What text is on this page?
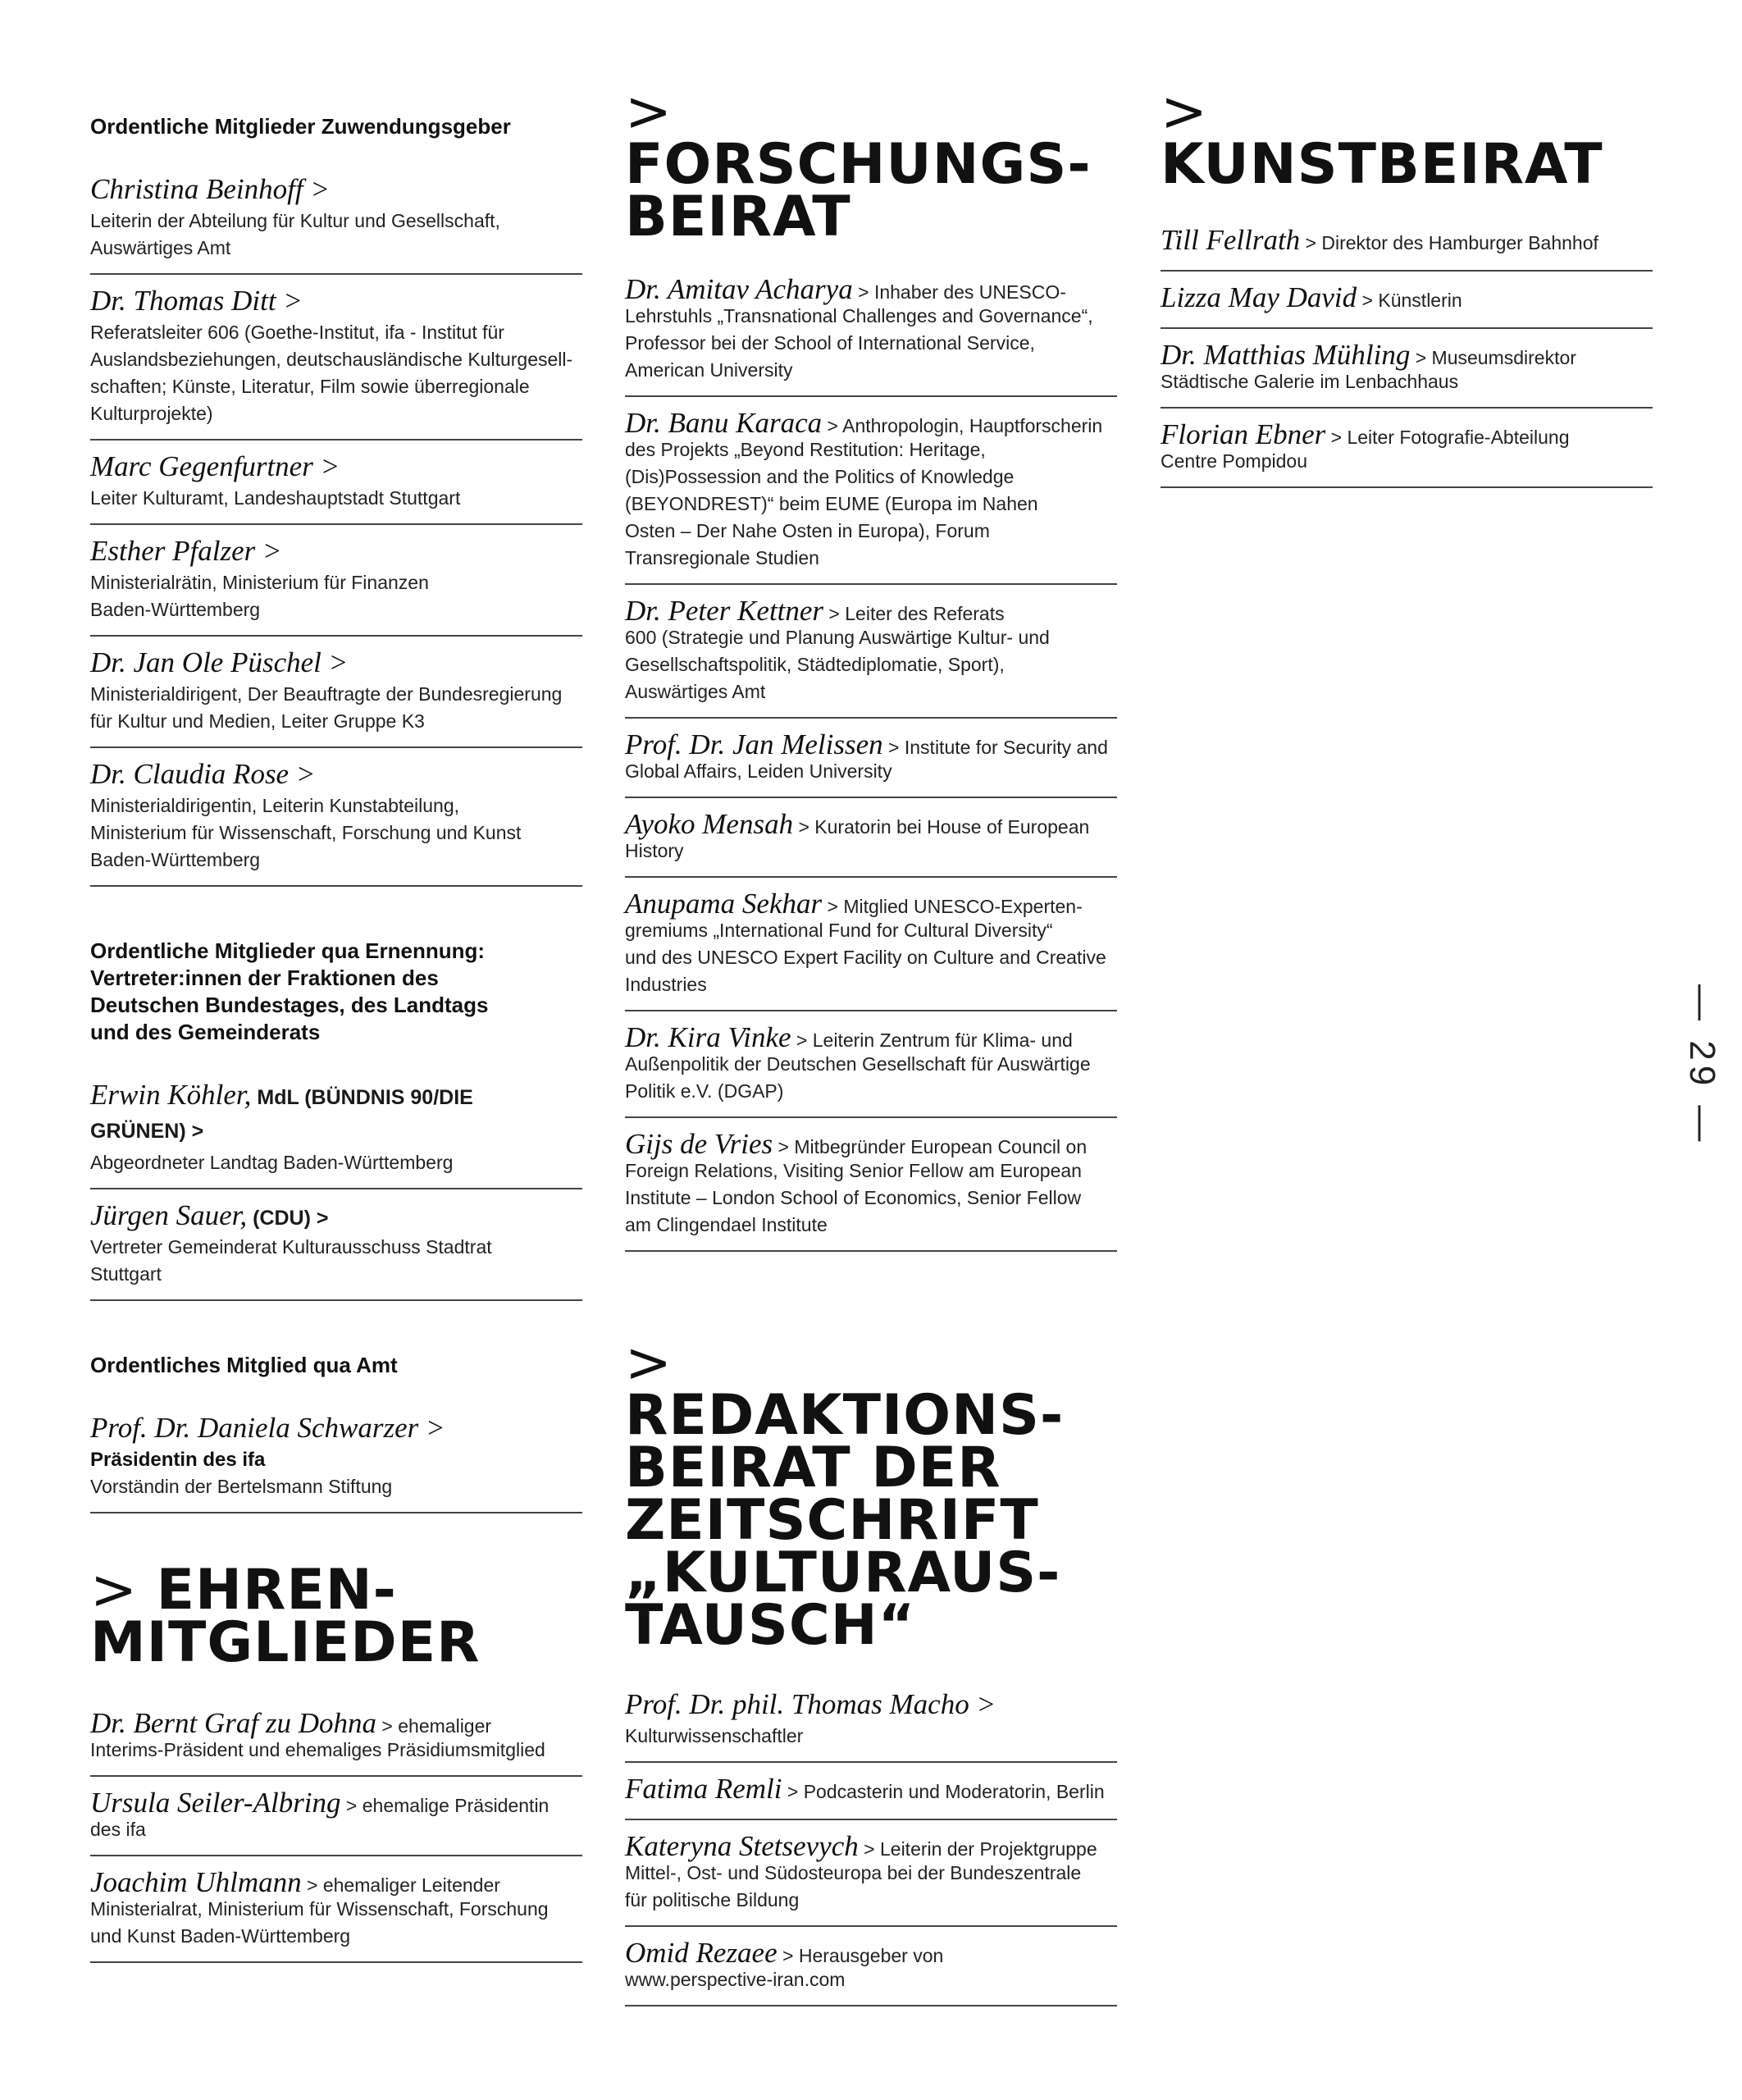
Ordentliche Mitglieder Zuwendungsgeber
Christina Beinhoff >
Leiterin der Abteilung für Kultur und Gesellschaft,
Auswärtiges Amt
Dr. Thomas Ditt >
Referatsleiter 606 (Goethe-Institut, ifa - Institut für
Auslandsbeziehungen, deutschausländische Kulturgesell-
schaften; Künste, Literatur, Film sowie überregionale
Kulturprojekte)
Marc Gegenfurtner >
Leiter Kulturamt, Landeshauptstadt Stuttgart
Esther Pfalzer >
Ministerialrätin, Ministerium für Finanzen
Baden-Württemberg
Dr. Jan Ole Püschel >
Ministerialdirigent, Der Beauftragte der Bundesregierung
für Kultur und Medien, Leiter Gruppe K3
Dr. Claudia Rose >
Ministerialdirigentin, Leiterin Kunstabteilung,
Ministerium für Wissenschaft, Forschung und Kunst
Baden-Württemberg
Ordentliche Mitglieder qua Ernennung:
Vertreter:innen der Fraktionen des
Deutschen Bundestages, des Landtags
und des Gemeinderats
Erwin Köhler, MdL (BÜNDNIS 90/DIE
GRÜNEN) >
Abgeordneter Landtag Baden-Württemberg
Jürgen Sauer, (CDU) >
Vertreter Gemeinderat Kulturausschuss Stadtrat
Stuttgart
Ordentliches Mitglied qua Amt
Prof. Dr. Daniela Schwarzer >
Präsidentin des ifa
Vorständin der Bertelsmann Stiftung
> EHREN-
MITGLIEDER
Dr. Bernt Graf zu Dohna > ehemaliger
Interims-Präsident und ehemaliges Präsidiumsmitglied
Ursula Seiler-Albring > ehemalige Präsidentin
des ifa
Joachim Uhlmann > ehemaliger Leitender
Ministerialrat, Ministerium für Wissenschaft, Forschung
und Kunst Baden-Württemberg
> FORSCHUNGS-
BEIRAT
Dr. Amitav Acharya > Inhaber des UNESCO-
Lehrstuhls „Transnational Challenges and Governance“,
Professor bei der School of International Service,
American University
Dr. Banu Karaca > Anthropologin, Hauptforscherin
des Projekts „Beyond Restitution: Heritage,
(Dis)Possession and the Politics of Knowledge
(BEYONDREST)“ beim EUME (Europa im Nahen
Osten – Der Nahe Osten in Europa), Forum
Transregionale Studien
Dr. Peter Kettner > Leiter des Referats
600 (Strategie und Planung Auswärtige Kultur- und
Gesellschaftspolitik, Städtediplomatie, Sport),
Auswärtiges Amt
Prof. Dr. Jan Melissen > Institute for Security and
Global Affairs, Leiden University
Ayoko Mensah > Kuratorin bei House of European
History
Anupama Sekhar > Mitglied UNESCO-Experten-
gremiums „International Fund for Cultural Diversity“
und des UNESCO Expert Facility on Culture and Creative
Industries
Dr. Kira Vinke > Leiterin Zentrum für Klima- und
Außenpolitik der Deutschen Gesellschaft für Auswärtige
Politik e.V. (DGAP)
Gijs de Vries > Mitbegründer European Council on
Foreign Relations, Visiting Senior Fellow am European
Institute – London School of Economics, Senior Fellow
am Clingendael Institute
> REDAKTIONS-
BEIRAT DER
ZEITSCHRIFT
„KULTURAUS-
TAUSCH“
Prof. Dr. phil. Thomas Macho >
Kulturwissenschaftler
Fatima Remli > Podcasterin und Moderatorin, Berlin
Kateryna Stetsevych > Leiterin der Projektgruppe
Mittel-, Ost- und Südosteuropa bei der Bundeszentrale
für politische Bildung
Omid Rezaee > Herausgeber von
www.perspective-iran.com
> KUNSTBEIRAT
Till Fellrath > Direktor des Hamburger Bahnhof
Lizza May David > Künstlerin
Dr. Matthias Mühling > Museumsdirektor
Städtische Galerie im Lenbachhaus
Florian Ebner > Leiter Fotografie-Abteilung
Centre Pompidou
— 29 —
